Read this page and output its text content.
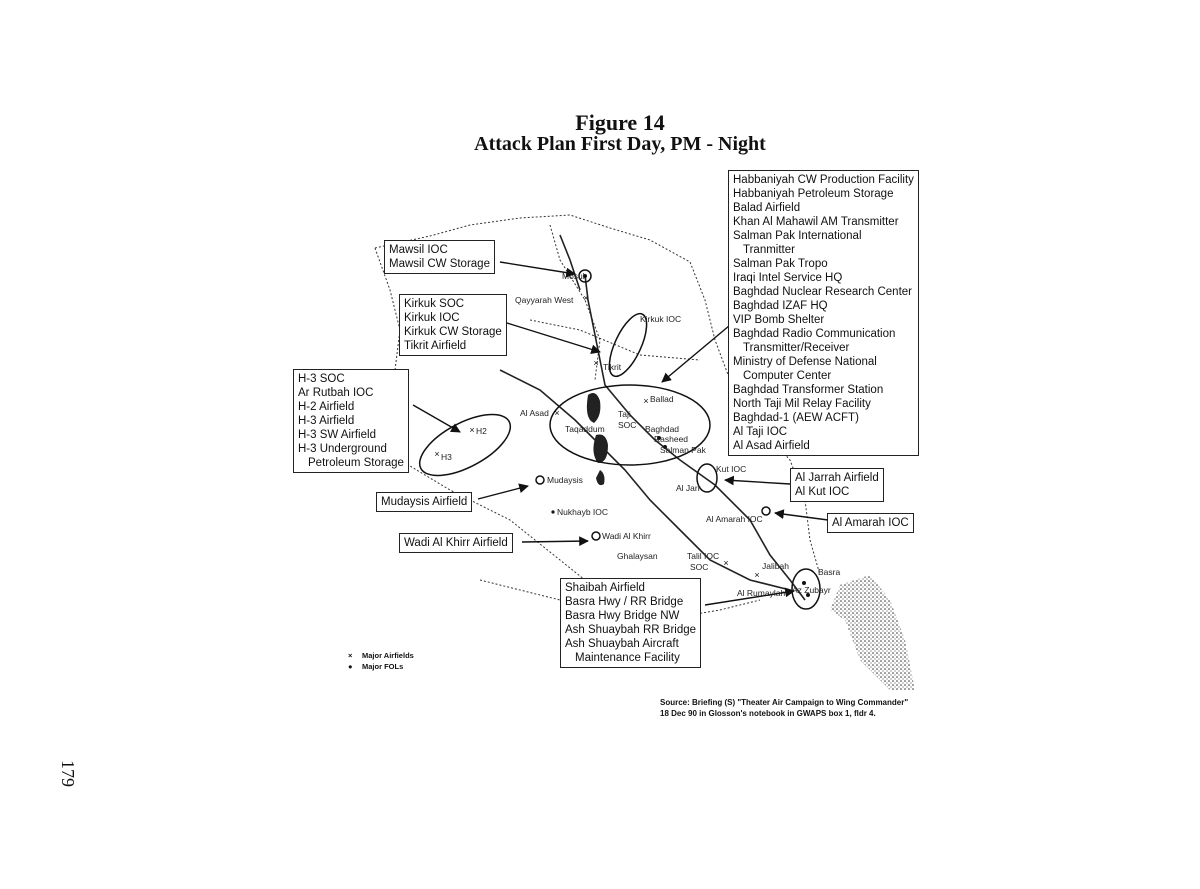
Figure 14
Attack Plan First Day, PM - Night
×
×
×
×
×
×
×
×
Mosul
Qayyarah West
Kirkuk IOC
Tikrit
Ballad
Al Asad	Taji
SOC
Taqaddum	Baghdad
Rasheed
Salman Pak
H2
H3
Kut IOC
Al Jarr
Al Amarah IOC
Mudaysis
Nukhayb IOC
Wadi Al Khirr
Ghalaysan	Talil IOC
SOC	Jalibah
Basra
Al Rumaylah Az Zubayr
Mawsil IOC
Mawsil CW Storage
Kirkuk SOC
Kirkuk IOC
Kirkuk CW Storage
Tikrit Airfield
H-3 SOC
Ar Rutbah IOC
H-2 Airfield
H-3 Airfield
H-3 SW Airfield
H-3 Underground
Petroleum Storage
Mudaysis Airfield
Wadi Al Khirr Airfield
Habbaniyah CW Production Facility
Habbaniyah Petroleum Storage
Balad Airfield
Khan Al Mahawil AM Transmitter
Salman Pak International
Tranmitter
Salman Pak Tropo
Iraqi Intel Service HQ
Baghdad Nuclear Research Center
Baghdad IZAF HQ
VIP Bomb Shelter
Baghdad Radio Communication
Transmitter/Receiver
Ministry of Defense National
Computer Center
Baghdad Transformer Station
North Taji Mil Relay Facility
Baghdad-1 (AEW ACFT)
Al Taji IOC
Al Asad Airfield
Al Jarrah Airfield
Al Kut IOC
Al Amarah IOC
Shaibah Airfield
Basra Hwy / RR Bridge
Basra Hwy Bridge NW
Ash Shuaybah RR Bridge
Ash Shuaybah Aircraft
Maintenance Facility
× Major Airfields
● Major FOLs
Source: Briefing (S) "Theater Air Campaign to Wing Commander" 18 Dec 90 in Glosson's notebook in GWAPS box 1, fldr 4.
179
